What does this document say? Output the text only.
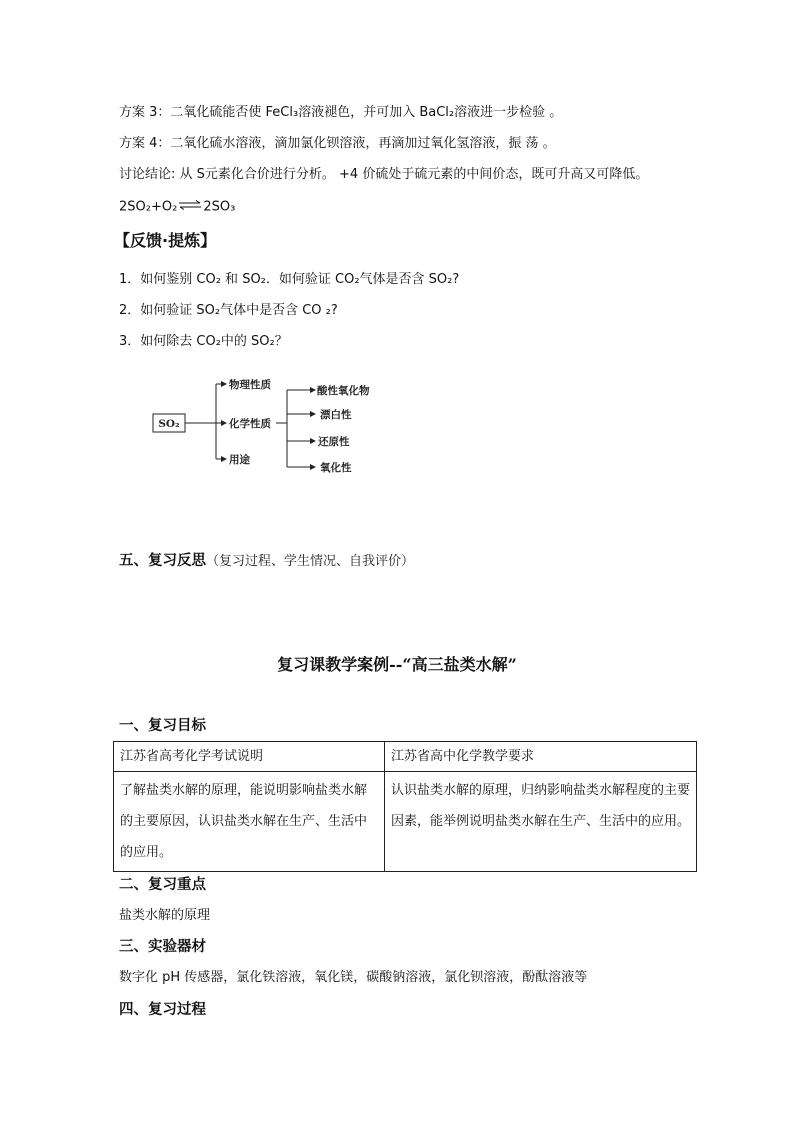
方案 3：二氧化硫能否使 FeCl₃溶液褪色，并可加入 BaCl₂溶液进一步检验 。
方案 4：二氧化硫水溶液，滴加氯化钡溶液，再滴加过氧化氢溶液，振 荡 。
讨论结论: 从 S元素化合价进行分析。 +4 价硫处于硫元素的中间价态，既可升高又可降低。
2SO₂+O₂⇌2SO₃
【反馈·提炼】
1．如何鉴别 CO₂ 和 SO₂．如何验证 CO₂气体是否含 SO₂?
2．如何验证 SO₂气体中是否含 CO ₂?
3．如何除去 CO₂中的 SO₂？
SO₂
物理性质
化学性质
用途
酸性氧化物
漂白性
还原性
氧化性
五、复习反思（复习过程、学生情况、自我评价）
复习课教学案例--“高三盐类水解”
一、复习目标
江苏省高考化学考试说明	江苏省高中化学教学要求
了解盐类水解的原理，能说明影响盐类水解的主要原因，认识盐类水解在生产、生活中的应用。	认识盐类水解的原理，归纳影响盐类水解程度的主要因素，能举例说明盐类水解在生产、生活中的应用。
二、复习重点
盐类水解的原理
三、实验器材
数字化 pH 传感器，氯化铁溶液，氧化镁，碳酸钠溶液，氯化钡溶液，酚酞溶液等
四、复习过程
